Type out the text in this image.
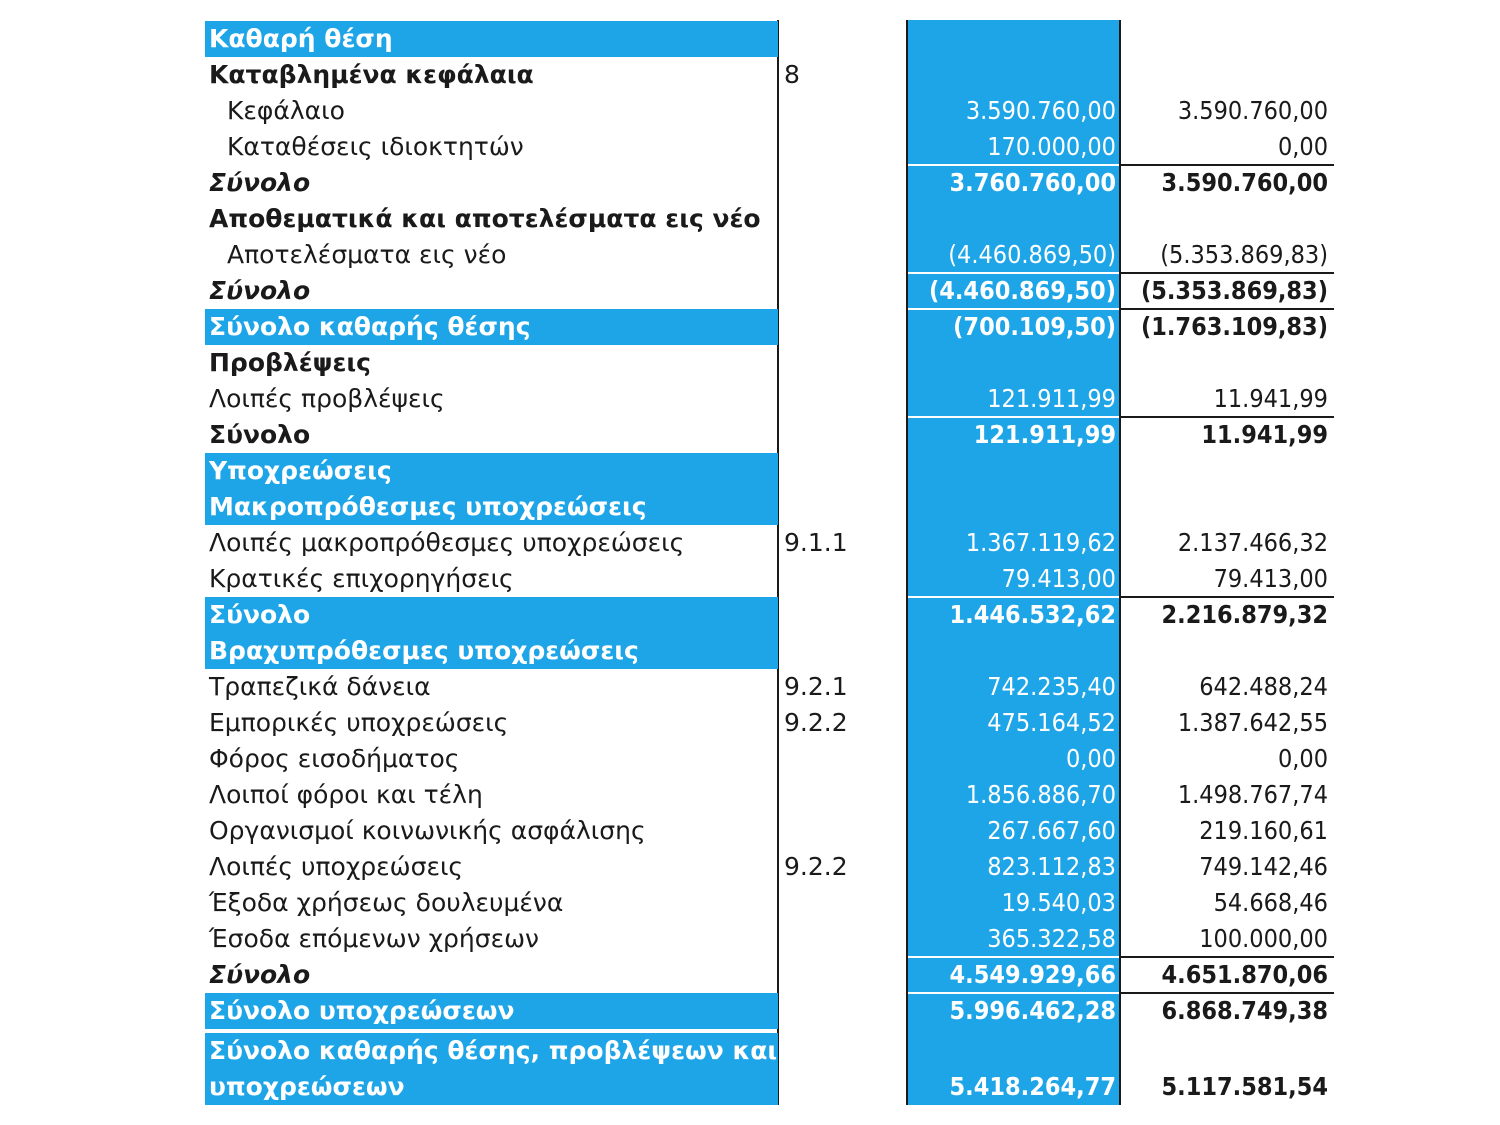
Καθαρή θέση
Καταβλημένα κεφάλαια	8
Κεφάλαιο	3.590.760,00	3.590.760,00
Καταθέσεις ιδιοκτητών	170.000,00	0,00
Σύνολο	3.760.760,00	3.590.760,00
Αποθεματικά και αποτελέσματα εις νέο
Αποτελέσματα εις νέο	(4.460.869,50)	(5.353.869,83)
Σύνολο	(4.460.869,50) (5.353.869,83)
Σύνολο καθαρής θέσης	(700.109,50) (1.763.109,83)
Προβλέψεις
Λοιπές προβλέψεις	121.911,99	11.941,99
Σύνολο	121.911,99	11.941,99
Υποχρεώσεις
Μακροπρόθεσμες υποχρεώσεις
Λοιπές μακροπρόθεσμες υποχρεώσεις	9.1.1	1.367.119,62	2.137.466,32
Κρατικές επιχορηγήσεις	79.413,00	79.413,00
Σύνολο	1.446.532,62	2.216.879,32
Βραχυπρόθεσμες υποχρεώσεις
Τραπεζικά δάνεια	9.2.1	742.235,40	642.488,24
Εμπορικές υποχρεώσεις	9.2.2	475.164,52	1.387.642,55
Φόρος εισοδήματος	0,00	0,00
Λοιποί φόροι και τέλη	1.856.886,70	1.498.767,74
Οργανισμοί κοινωνικής ασφάλισης	267.667,60	219.160,61
Λοιπές υποχρεώσεις	9.2.2	823.112,83	749.142,46
Έξοδα χρήσεως δουλευμένα	19.540,03	54.668,46
Έσοδα επόμενων χρήσεων	365.322,58	100.000,00
Σύνολο	4.549.929,66	4.651.870,06
Σύνολο υποχρεώσεων	5.996.462,28	6.868.749,38
Σύνολο καθαρής θέσης, προβλέψεων και
υποχρεώσεων	5.418.264,77	5.117.581,54
